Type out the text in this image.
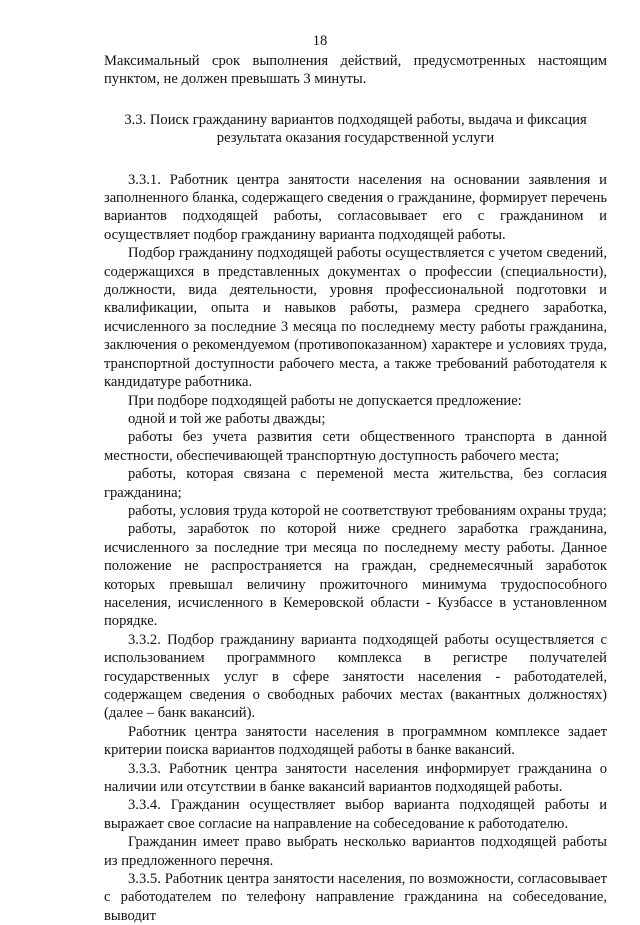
18

Максимальный срок выполнения действий, предусмотренных настоящим пунктом, не должен превышать 3 минуты.

3.3. Поиск гражданину вариантов подходящей работы, выдача и фиксация
результата оказания государственной услуги

3.3.1. Работник центра занятости населения на основании заявления и заполненного бланка, содержащего сведения о гражданине, формирует перечень вариантов подходящей работы, согласовывает его с гражданином и осуществляет подбор гражданину варианта подходящей работы.

Подбор гражданину подходящей работы осуществляется с учетом сведений, содержащихся в представленных документах о профессии (специальности), должности, вида деятельности, уровня профессиональной подготовки и квалификации, опыта и навыков работы, размера среднего заработка, исчисленного за последние 3 месяца по последнему месту работы гражданина, заключения о рекомендуемом (противопоказанном) характере и условиях труда, транспортной доступности рабочего места, а также требований работодателя к кандидатуре работника.

При подборе подходящей работы не допускается предложение:

одной и той же работы дважды;

работы без учета развития сети общественного транспорта в данной местности, обеспечивающей транспортную доступность рабочего места;

работы, которая связана с переменой места жительства, без согласия гражданина;

работы, условия труда которой не соответствуют требованиям охраны труда;

работы, заработок по которой ниже среднего заработка гражданина, исчисленного за последние три месяца по последнему месту работы. Данное положение не распространяется на граждан, среднемесячный заработок которых превышал величину прожиточного минимума трудоспособного населения, исчисленного в Кемеровской области - Кузбассе в установленном порядке.

3.3.2. Подбор гражданину варианта подходящей работы осуществляется с использованием программного комплекса в регистре получателей государственных услуг в сфере занятости населения - работодателей, содержащем сведения о свободных рабочих местах (вакантных должностях) (далее – банк вакансий).

Работник центра занятости населения в программном комплексе задает критерии поиска вариантов подходящей работы в банке вакансий.

3.3.3. Работник центра занятости населения информирует гражданина о наличии или отсутствии в банке вакансий вариантов подходящей работы.

3.3.4. Гражданин осуществляет выбор варианта подходящей работы и выражает свое согласие на направление на собеседование к работодателю.

Гражданин имеет право выбрать несколько вариантов подходящей работы из предложенного перечня.

3.3.5. Работник центра занятости населения, по возможности, согласовывает с работодателем по телефону направление гражданина на собеседование, выводит
